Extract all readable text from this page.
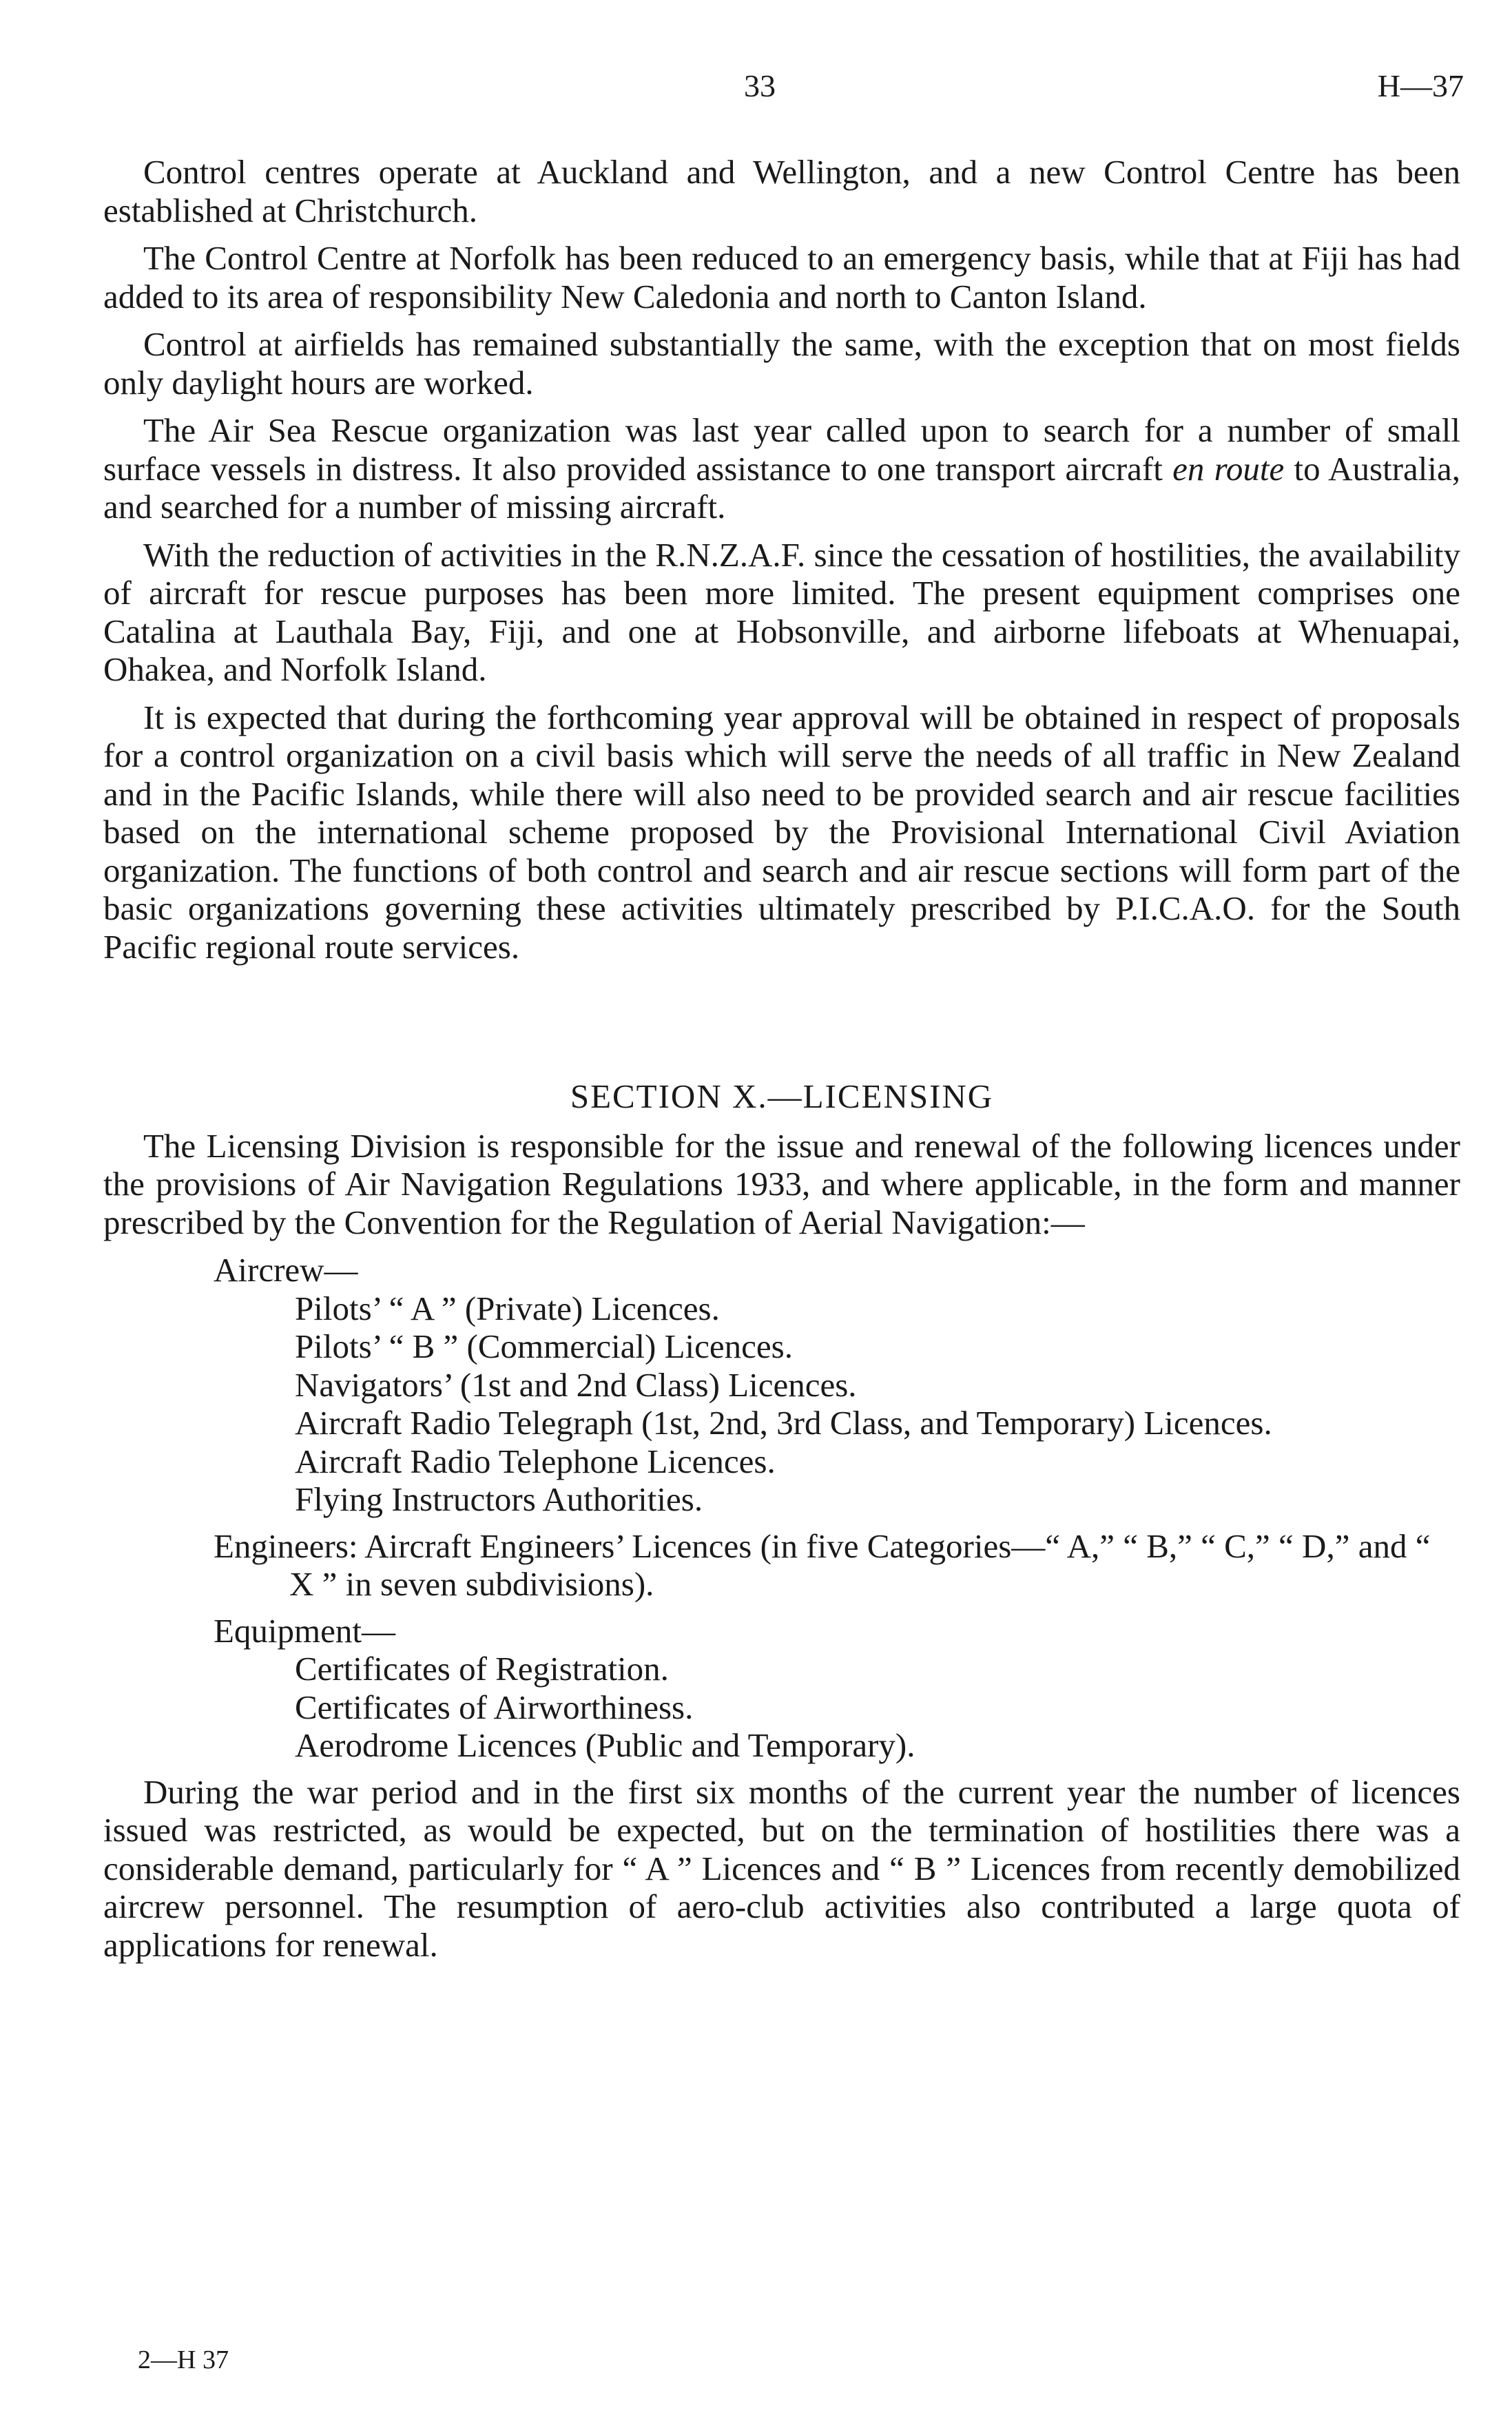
33	H—37

Control centres operate at Auckland and Wellington, and a new Control Centre has been established at Christchurch.

The Control Centre at Norfolk has been reduced to an emergency basis, while that at Fiji has had added to its area of responsibility New Caledonia and north to Canton Island.

Control at airfields has remained substantially the same, with the exception that on most fields only daylight hours are worked.

The Air Sea Rescue organization was last year called upon to search for a number of small surface vessels in distress. It also provided assistance to one transport aircraft en route to Australia, and searched for a number of missing aircraft.

With the reduction of activities in the R.N.Z.A.F. since the cessation of hostilities, the availability of aircraft for rescue purposes has been more limited. The present equipment comprises one Catalina at Lauthala Bay, Fiji, and one at Hobsonville, and airborne lifeboats at Whenuapai, Ohakea, and Norfolk Island.

It is expected that during the forthcoming year approval will be obtained in respect of proposals for a control organization on a civil basis which will serve the needs of all traffic in New Zealand and in the Pacific Islands, while there will also need to be provided search and air rescue facilities based on the international scheme proposed by the Provisional International Civil Aviation organization. The functions of both control and search and air rescue sections will form part of the basic organizations governing these activities ultimately prescribed by P.I.C.A.O. for the South Pacific regional route services.

SECTION X.—LICENSING

The Licensing Division is responsible for the issue and renewal of the following licences under the provisions of Air Navigation Regulations 1933, and where applicable, in the form and manner prescribed by the Convention for the Regulation of Aerial Navigation:—

Aircrew—
Pilots’ “ A ” (Private) Licences.
Pilots’ “ B ” (Commercial) Licences.
Navigators’ (1st and 2nd Class) Licences.
Aircraft Radio Telegraph (1st, 2nd, 3rd Class, and Temporary) Licences.
Aircraft Radio Telephone Licences.
Flying Instructors Authorities.
Engineers: Aircraft Engineers’ Licences (in five Categories—“ A,” “ B,” “ C,” “ D,” and “ X ” in seven subdivisions).
Equipment—
Certificates of Registration.
Certificates of Airworthiness.
Aerodrome Licences (Public and Temporary).

During the war period and in the first six months of the current year the number of licences issued was restricted, as would be expected, but on the termination of hostilities there was a considerable demand, particularly for “ A ” Licences and “ B ” Licences from recently demobilized aircrew personnel. The resumption of aero-club activities also contributed a large quota of applications for renewal.

2—H 37
